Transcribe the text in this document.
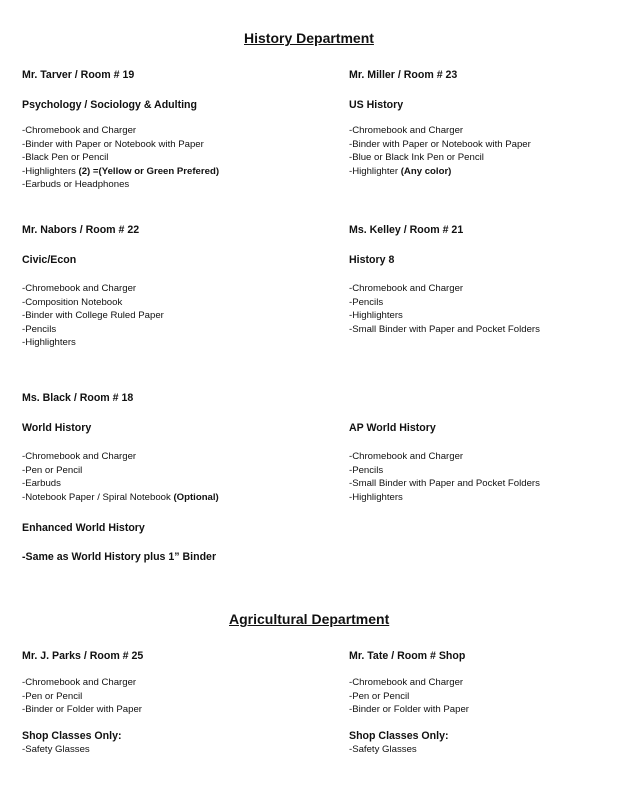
History Department
Mr. Tarver / Room # 19
Psychology / Sociology & Adulting
-Chromebook and Charger
-Binder with Paper or Notebook with Paper
-Black Pen or Pencil
-Highlighters (2) =(Yellow or Green Prefered)
-Earbuds or Headphones
Mr. Miller / Room # 23
US History
-Chromebook and Charger
-Binder with Paper or Notebook with Paper
-Blue or Black Ink Pen or Pencil
-Highlighter (Any color)
Mr. Nabors / Room # 22
Civic/Econ
-Chromebook and Charger
-Composition Notebook
-Binder with College Ruled Paper
-Pencils
-Highlighters
Ms. Kelley / Room # 21
History 8
-Chromebook and Charger
-Pencils
-Highlighters
-Small Binder with Paper and Pocket Folders
Ms. Black / Room # 18
World History
-Chromebook and Charger
-Pen or Pencil
-Earbuds
-Notebook Paper / Spiral Notebook (Optional)
Enhanced World History
-Same as World History plus 1” Binder
AP World History
-Chromebook and Charger
-Pencils
-Small Binder with Paper and Pocket Folders
-Highlighters
Agricultural Department
Mr. J. Parks / Room # 25
-Chromebook and Charger
-Pen or Pencil
-Binder or Folder with Paper
Shop Classes Only:
-Safety Glasses
Mr. Tate / Room # Shop
-Chromebook and Charger
-Pen or Pencil
-Binder or Folder with Paper
Shop Classes Only:
-Safety Glasses
